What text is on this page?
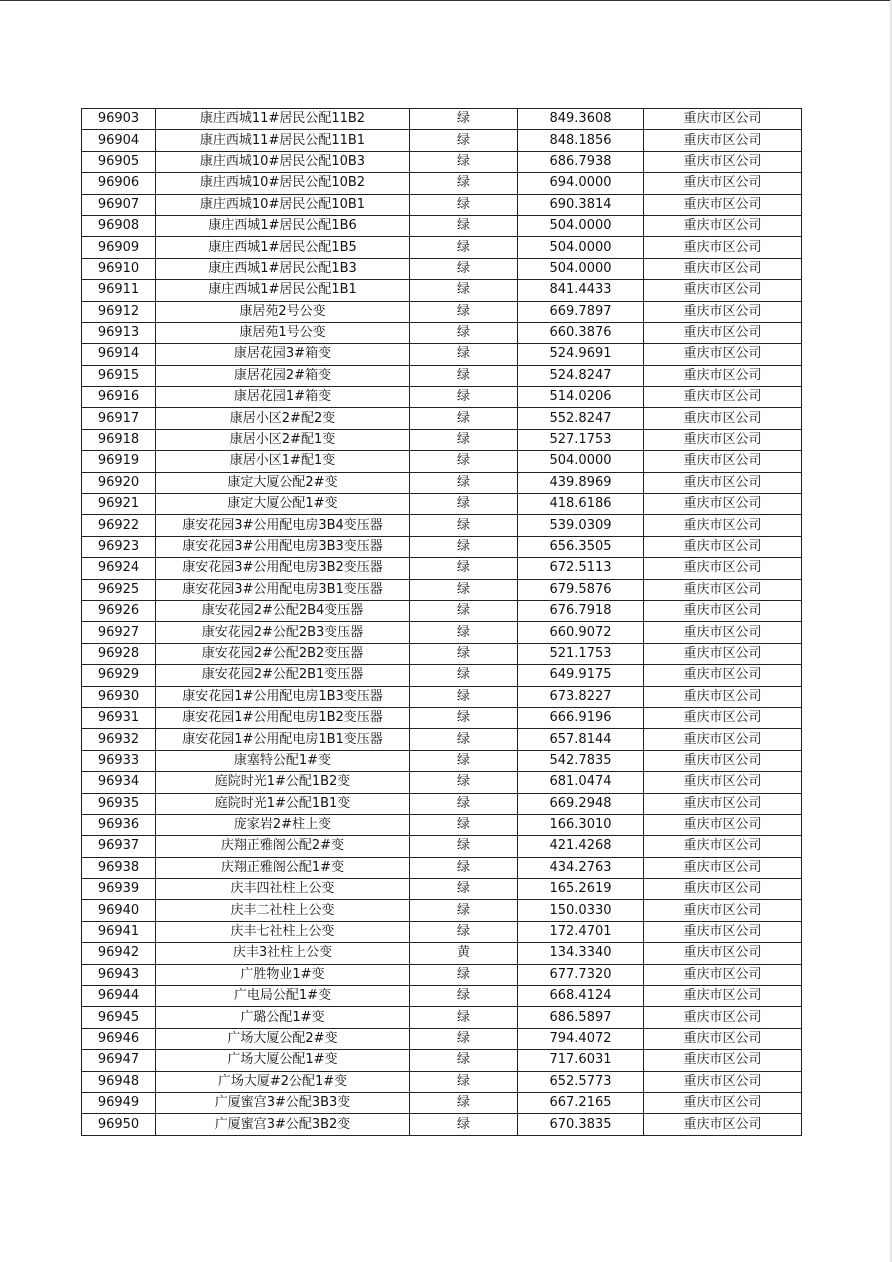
96903	康庄西城11#居民公配11B2	绿	849.3608	重庆市区公司
96904	康庄西城11#居民公配11B1	绿	848.1856	重庆市区公司
96905	康庄西城10#居民公配10B3	绿	686.7938	重庆市区公司
96906	康庄西城10#居民公配10B2	绿	694.0000	重庆市区公司
96907	康庄西城10#居民公配10B1	绿	690.3814	重庆市区公司
96908	康庄西城1#居民公配1B6	绿	504.0000	重庆市区公司
96909	康庄西城1#居民公配1B5	绿	504.0000	重庆市区公司
96910	康庄西城1#居民公配1B3	绿	504.0000	重庆市区公司
96911	康庄西城1#居民公配1B1	绿	841.4433	重庆市区公司
96912	康居苑2号公变	绿	669.7897	重庆市区公司
96913	康居苑1号公变	绿	660.3876	重庆市区公司
96914	康居花园3#箱变	绿	524.9691	重庆市区公司
96915	康居花园2#箱变	绿	524.8247	重庆市区公司
96916	康居花园1#箱变	绿	514.0206	重庆市区公司
96917	康居小区2#配2变	绿	552.8247	重庆市区公司
96918	康居小区2#配1变	绿	527.1753	重庆市区公司
96919	康居小区1#配1变	绿	504.0000	重庆市区公司
96920	康定大厦公配2#变	绿	439.8969	重庆市区公司
96921	康定大厦公配1#变	绿	418.6186	重庆市区公司
96922	康安花园3#公用配电房3B4变压器	绿	539.0309	重庆市区公司
96923	康安花园3#公用配电房3B3变压器	绿	656.3505	重庆市区公司
96924	康安花园3#公用配电房3B2变压器	绿	672.5113	重庆市区公司
96925	康安花园3#公用配电房3B1变压器	绿	679.5876	重庆市区公司
96926	康安花园2#公配2B4变压器	绿	676.7918	重庆市区公司
96927	康安花园2#公配2B3变压器	绿	660.9072	重庆市区公司
96928	康安花园2#公配2B2变压器	绿	521.1753	重庆市区公司
96929	康安花园2#公配2B1变压器	绿	649.9175	重庆市区公司
96930	康安花园1#公用配电房1B3变压器	绿	673.8227	重庆市区公司
96931	康安花园1#公用配电房1B2变压器	绿	666.9196	重庆市区公司
96932	康安花园1#公用配电房1B1变压器	绿	657.8144	重庆市区公司
96933	康塞特公配1#变	绿	542.7835	重庆市区公司
96934	庭院时光1#公配1B2变	绿	681.0474	重庆市区公司
96935	庭院时光1#公配1B1变	绿	669.2948	重庆市区公司
96936	庞家岩2#柱上变	绿	166.3010	重庆市区公司
96937	庆翔正雅阁公配2#变	绿	421.4268	重庆市区公司
96938	庆翔正雅阁公配1#变	绿	434.2763	重庆市区公司
96939	庆丰四社柱上公变	绿	165.2619	重庆市区公司
96940	庆丰二社柱上公变	绿	150.0330	重庆市区公司
96941	庆丰七社柱上公变	绿	172.4701	重庆市区公司
96942	庆丰3社柱上公变	黄	134.3340	重庆市区公司
96943	广胜物业1#变	绿	677.7320	重庆市区公司
96944	广电局公配1#变	绿	668.4124	重庆市区公司
96945	广璐公配1#变	绿	686.5897	重庆市区公司
96946	广场大厦公配2#变	绿	794.4072	重庆市区公司
96947	广场大厦公配1#变	绿	717.6031	重庆市区公司
96948	广场大厦#2公配1#变	绿	652.5773	重庆市区公司
96949	广厦蜜宫3#公配3B3变	绿	667.2165	重庆市区公司
96950	广厦蜜宫3#公配3B2变	绿	670.3835	重庆市区公司
